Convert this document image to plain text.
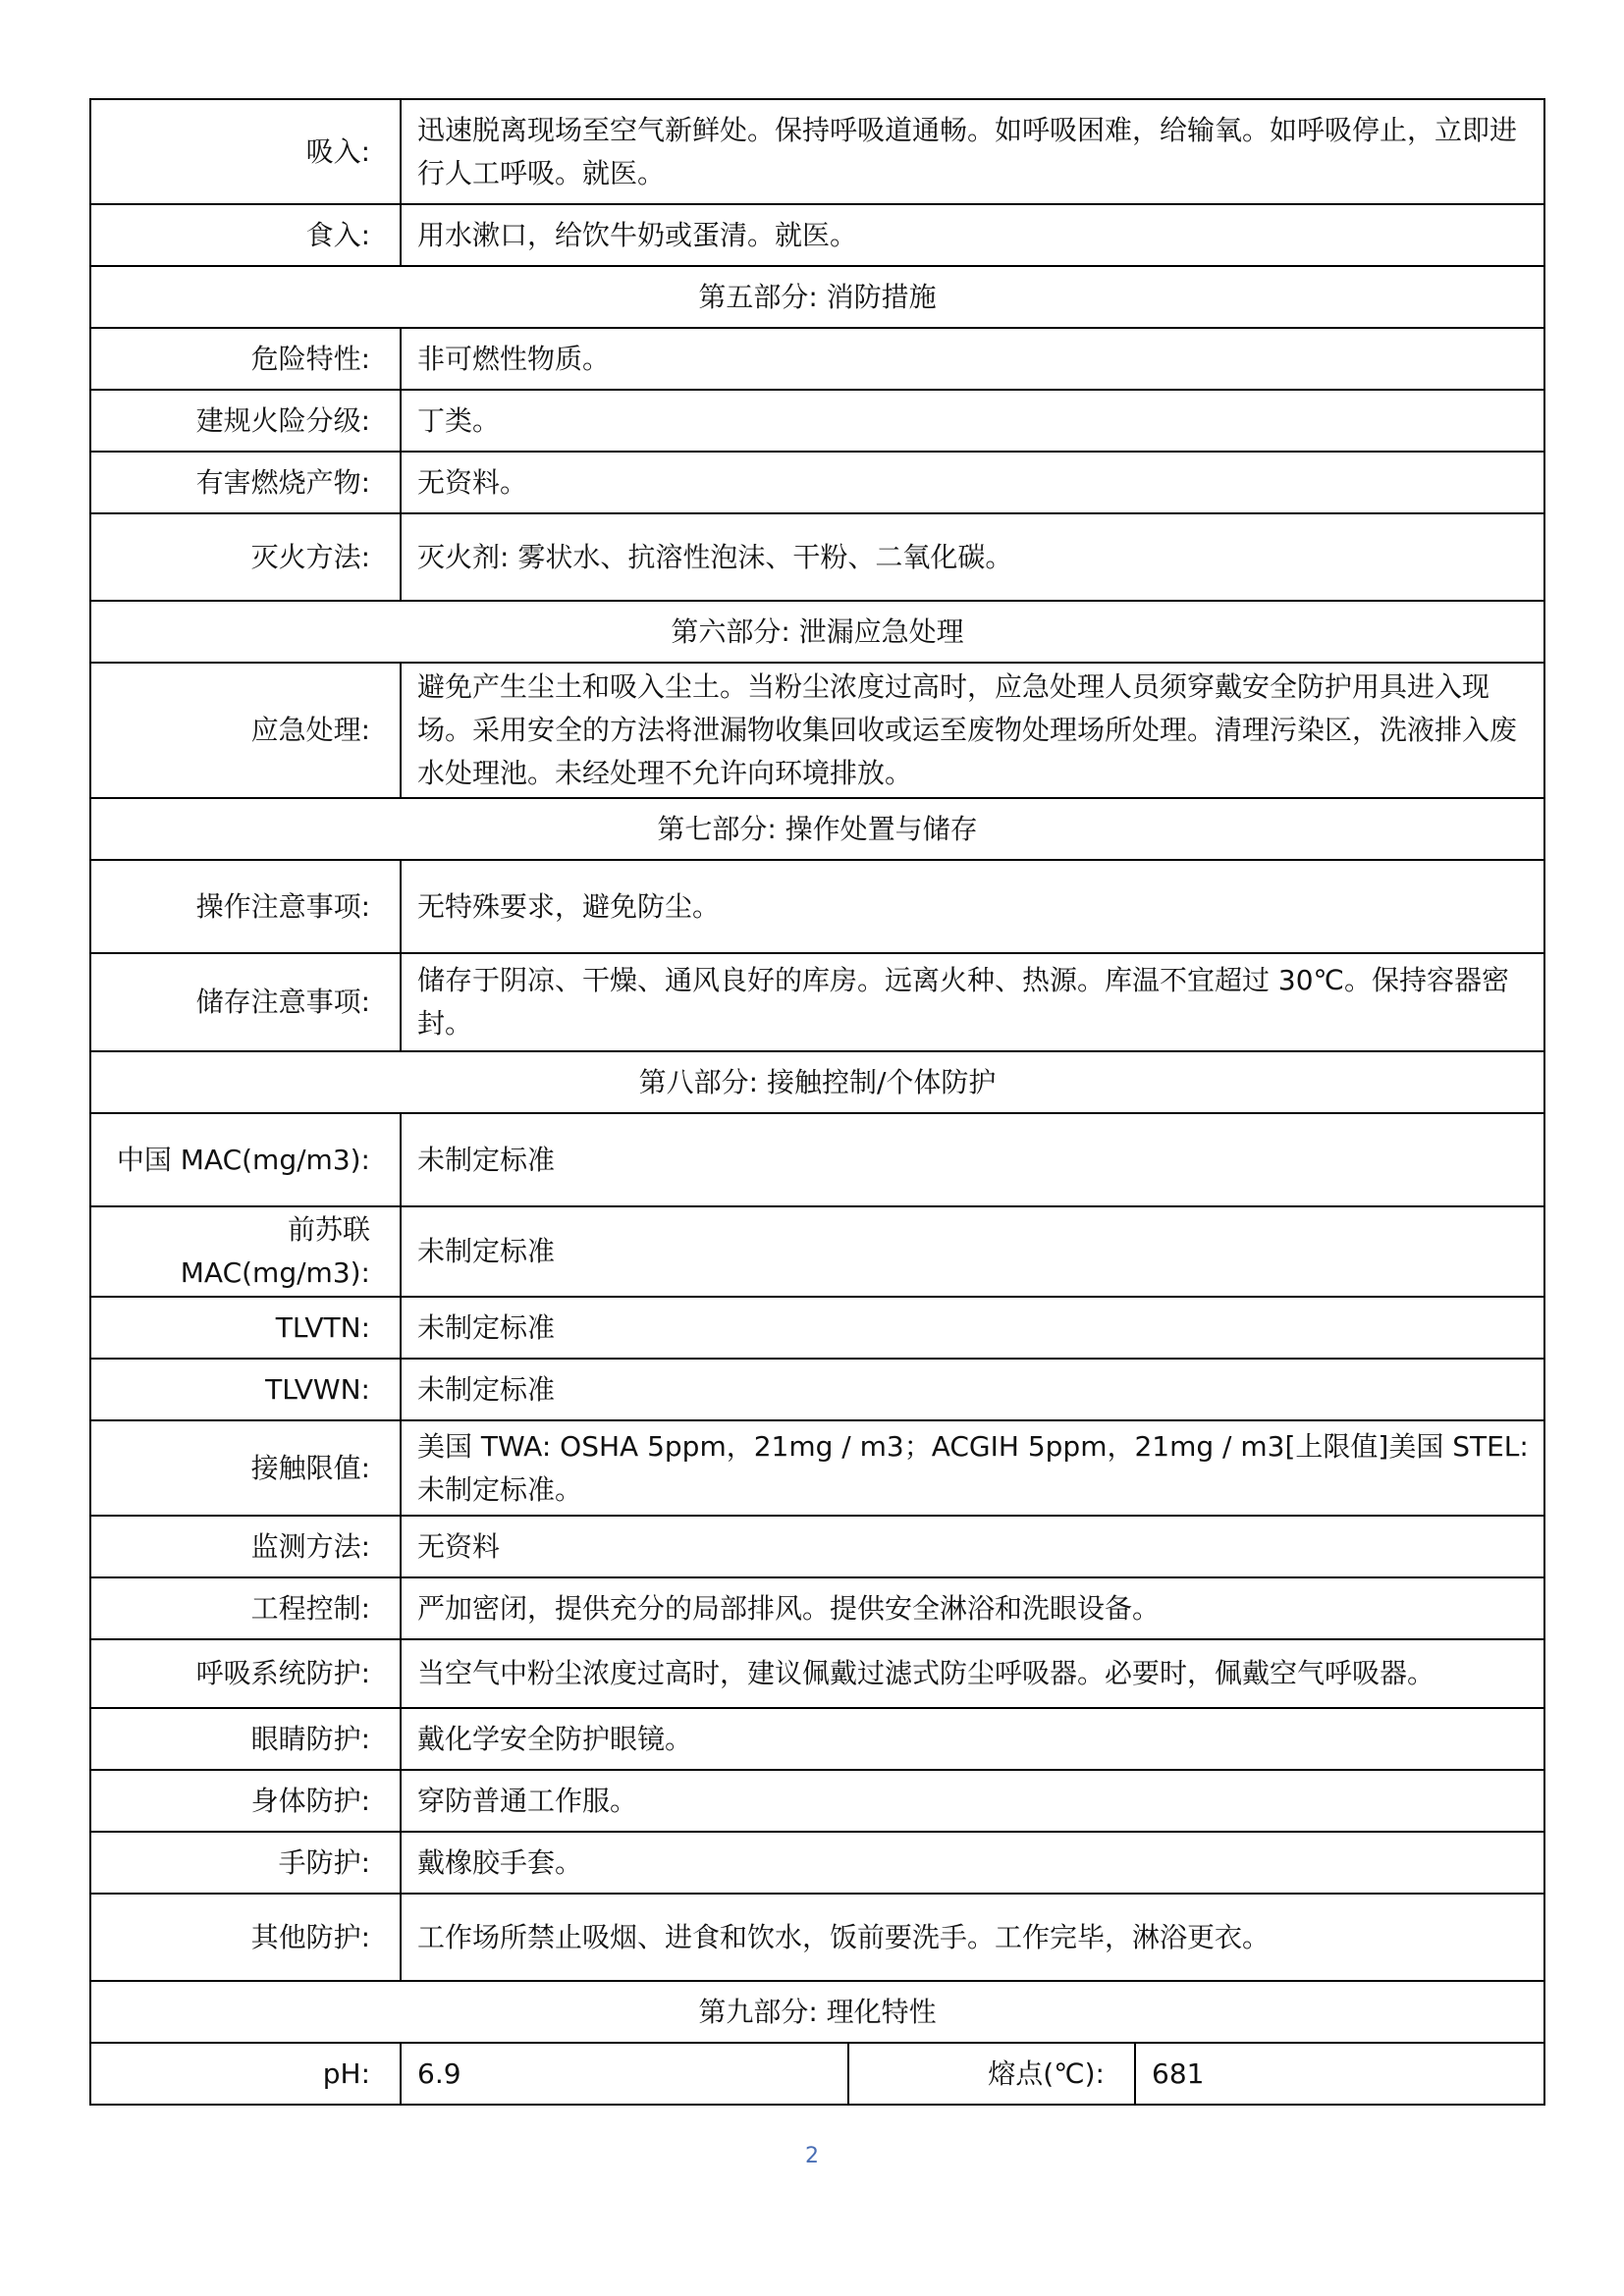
吸入:	迅速脱离现场至空气新鲜处。保持呼吸道通畅。如呼吸困难，给输氧。如呼吸停止，立即进行人工呼吸。就医。		
食入:	用水漱口，给饮牛奶或蛋清。就医。		
第五部分: 消防措施			
危险特性:	非可燃性物质。		
建规火险分级:	丁类。		
有害燃烧产物:	无资料。		
灭火方法:	灭火剂: 雾状水、抗溶性泡沫、干粉、二氧化碳。		
第六部分: 泄漏应急处理			
应急处理:	避免产生尘土和吸入尘土。当粉尘浓度过高时，应急处理人员须穿戴安全防护用具进入现场。采用安全的方法将泄漏物收集回收或运至废物处理场所处理。清理污染区，洗液排入废水处理池。未经处理不允许向环境排放。		
第七部分: 操作处置与储存			
操作注意事项:	无特殊要求，避免防尘。		
储存注意事项:	储存于阴凉、干燥、通风良好的库房。远离火种、热源。库温不宜超过 30℃。保持容器密封。		
第八部分: 接触控制/个体防护			
中国 MAC(mg/m3):	未制定标准		
前苏联 MAC(mg/m3):	未制定标准		
TLVTN:	未制定标准		
TLVWN:	未制定标准		
接触限值:	美国 TWA: OSHA 5ppm，21mg / m3；ACGIH 5ppm，21mg / m3[上限值]美国 STEL: 未制定标准。		
监测方法:	无资料		
工程控制:	严加密闭，提供充分的局部排风。提供安全淋浴和洗眼设备。		
呼吸系统防护:	当空气中粉尘浓度过高时，建议佩戴过滤式防尘呼吸器。必要时，佩戴空气呼吸器。		
眼睛防护:	戴化学安全防护眼镜。		
身体防护:	穿防普通工作服。		
手防护:	戴橡胶手套。		
其他防护:	工作场所禁止吸烟、进食和饮水，饭前要洗手。工作完毕，淋浴更衣。		
第九部分: 理化特性			
pH:	6.9	熔点(℃):	681
2
